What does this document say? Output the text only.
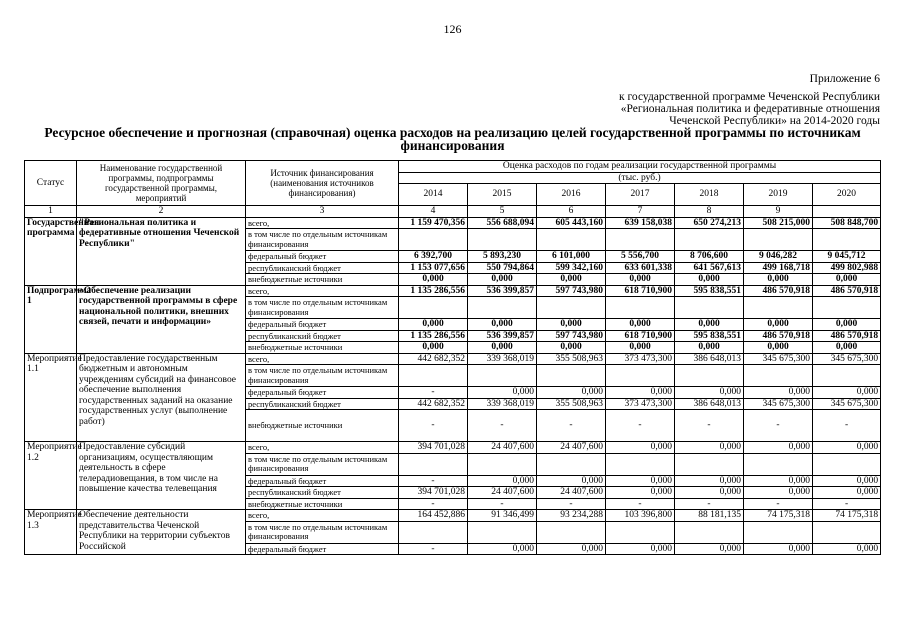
126
Приложение 6
к государственной программе Чеченской Республики
«Региональная политика и федеративные отношения
Чеченской Республики» на 2014-2020 годы
Ресурсное обеспечение и прогнозная (справочная) оценка расходов на реализацию целей государственной программы по источникам финансирования
Статус	Наименование государственной программы, подпрограммы государственной программы, мероприятий	Источник финансирования (наименования источников финансирования)	Оценка расходов по годам реализации государственной программы						
			(тыс. руб.)						
			2014	2015	2016	2017	2018	2019	2020
1	2	3	4	5	6	7	8	9	
Государственная программа	"Региональная политика и федеративные отношения Чеченской Республики"	всего,	1 159 470,356	556 688,094	605 443,160	639 158,038	650 274,213	508 215,000	508 848,700
		в том числе по отдельным источникам финансирования							
		федеральный бюджет	6 392,700	5 893,230	6 101,000	5 556,700	8 706,600	9 046,282	9 045,712
		республиканский бюджет	1 153 077,656	550 794,864	599 342,160	633 601,338	641 567,613	499 168,718	499 802,988
		внебюджетные источники	0,000	0,000	0,000	0,000	0,000	0,000	0,000
Подпрограмма 1	«Обеспечение реализации государственной программы в сфере национальной политики, внешних связей, печати и информации»	всего,	1 135 286,556	536 399,857	597 743,980	618 710,900	595 838,551	486 570,918	486 570,918
		в том числе по отдельным источникам финансирования							
		федеральный бюджет	0,000	0,000	0,000	0,000	0,000	0,000	0,000
		республиканский бюджет	1 135 286,556	536 399,857	597 743,980	618 710,900	595 838,551	486 570,918	486 570,918
		внебюджетные источники	0,000	0,000	0,000	0,000	0,000	0,000	0,000
Мероприятие 1.1	Предоставление государственным бюджетным и автономным учреждениям субсидий на финансовое обеспечение выполнения государственных заданий на оказание государственных услуг (выполнение работ)	всего,	442 682,352	339 368,019	355 508,963	373 473,300	386 648,013	345 675,300	345 675,300
		в том числе по отдельным источникам финансирования							
		федеральный бюджет	-	0,000	0,000	0,000	0,000	0,000	0,000
		республиканский бюджет	442 682,352	339 368,019	355 508,963	373 473,300	386 648,013	345 675,300	345 675,300
		внебюджетные источники	-	-	-	-	-	-	-
Мероприятие 1.2	Предоставление субсидий организациям, осуществляющим деятельность в сфере телерадиовещания, в том числе на повышение качества телевещания	всего,	394 701,028	24 407,600	24 407,600	0,000	0,000	0,000	0,000
		в том числе по отдельным источникам финансирования							
		федеральный бюджет	-	0,000	0,000	0,000	0,000	0,000	0,000
		республиканский бюджет	394 701,028	24 407,600	24 407,600	0,000	0,000	0,000	0,000
		внебюджетные источники	-	-	-	-	-	-	-
Мероприятие 1.3	Обеспечение деятельности представительства Чеченской Республики на территории субъектов Российской	всего,	164 452,886	91 346,499	93 234,288	103 396,800	88 181,135	74 175,318	74 175,318
		в том числе по отдельным источникам финансирования							
		федеральный бюджет	-	0,000	0,000	0,000	0,000	0,000	0,000
